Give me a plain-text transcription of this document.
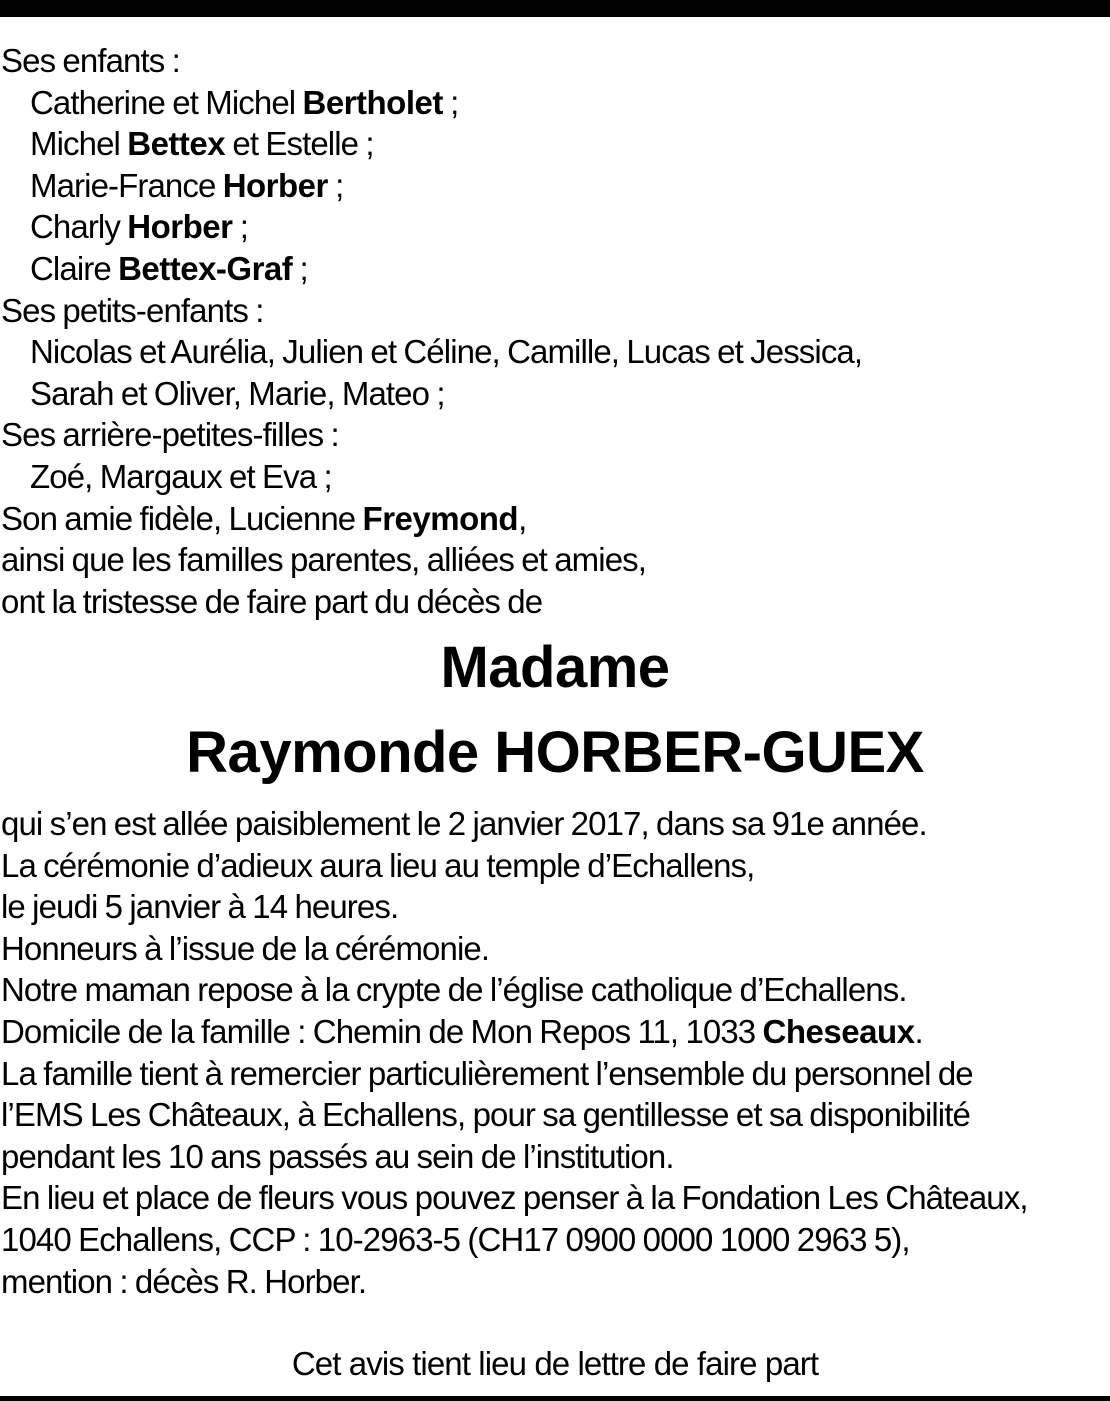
Ses enfants :
Catherine et Michel Bertholet ;
Michel Bettex et Estelle ;
Marie-France Horber ;
Charly Horber ;
Claire Bettex-Graf ;
Ses petits-enfants :
Nicolas et Aurélia, Julien et Céline, Camille, Lucas et Jessica,
Sarah et Oliver, Marie, Mateo ;
Ses arrière-petites-filles :
Zoé, Margaux et Eva ;
Son amie fidèle, Lucienne Freymond,
ainsi que les familles parentes, alliées et amies,
ont la tristesse de faire part du décès de
Madame
Raymonde HORBER-GUEX
qui s’en est allée paisiblement le 2 janvier 2017, dans sa 91e année.
La cérémonie d’adieux aura lieu au temple d’Echallens,
le jeudi 5 janvier à 14 heures.
Honneurs à l’issue de la cérémonie.
Notre maman repose à la crypte de l’église catholique d’Echallens.
Domicile de la famille : Chemin de Mon Repos 11, 1033 Cheseaux.
La famille tient à remercier particulièrement l’ensemble du personnel de
l’EMS Les Châteaux, à Echallens, pour sa gentillesse et sa disponibilité
pendant les 10 ans passés au sein de l’institution.
En lieu et place de fleurs vous pouvez penser à la Fondation Les Châteaux,
1040 Echallens, CCP : 10-2963-5 (CH17 0900 0000 1000 2963 5),
mention : décès R. Horber.
Cet avis tient lieu de lettre de faire part
